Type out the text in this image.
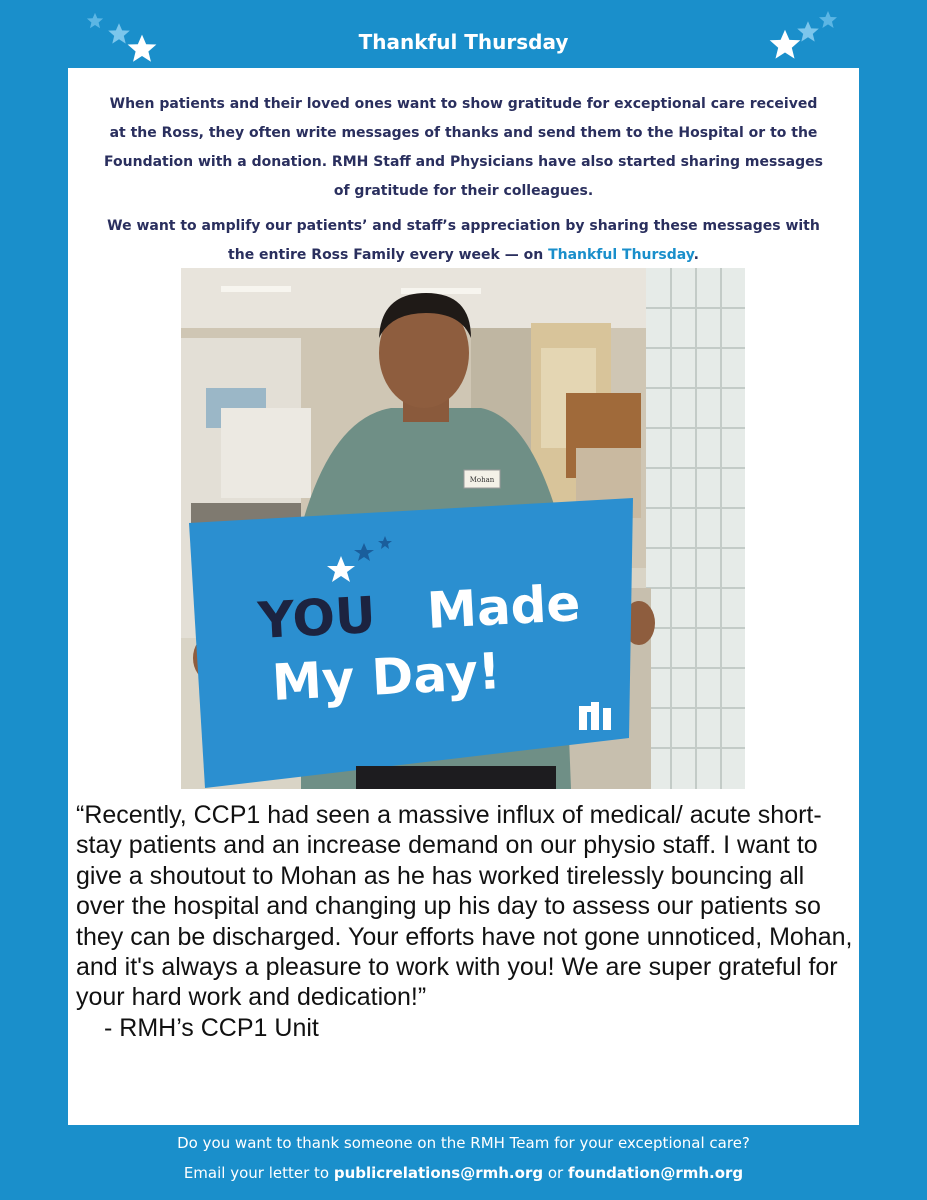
Thankful Thursday

When patients and their loved ones want to show gratitude for exceptional care received at the Ross, they often write messages of thanks and send them to the Hospital or to the Foundation with a donation. RMH Staff and Physicians have also started sharing messages of gratitude for their colleagues.

We want to amplify our patients’ and staff’s appreciation by sharing these messages with the entire Ross Family every week — on Thankful Thursday.

Mohan
YOU Made
My Day!

“Recently, CCP1 had seen a massive influx of medical/ acute short-stay patients and an increase demand on our physio staff. I want to give a shoutout to Mohan as he has worked tirelessly bouncing all over the hospital and changing up his day to assess our patients so they can be discharged. Your efforts have not gone unnoticed, Mohan, and it's always a pleasure to work with you! We are super grateful for your hard work and dedication!”

- RMH’s CCP1 Unit

Do you want to thank someone on the RMH Team for your exceptional care?

Email your letter to publicrelations@rmh.org or foundation@rmh.org
